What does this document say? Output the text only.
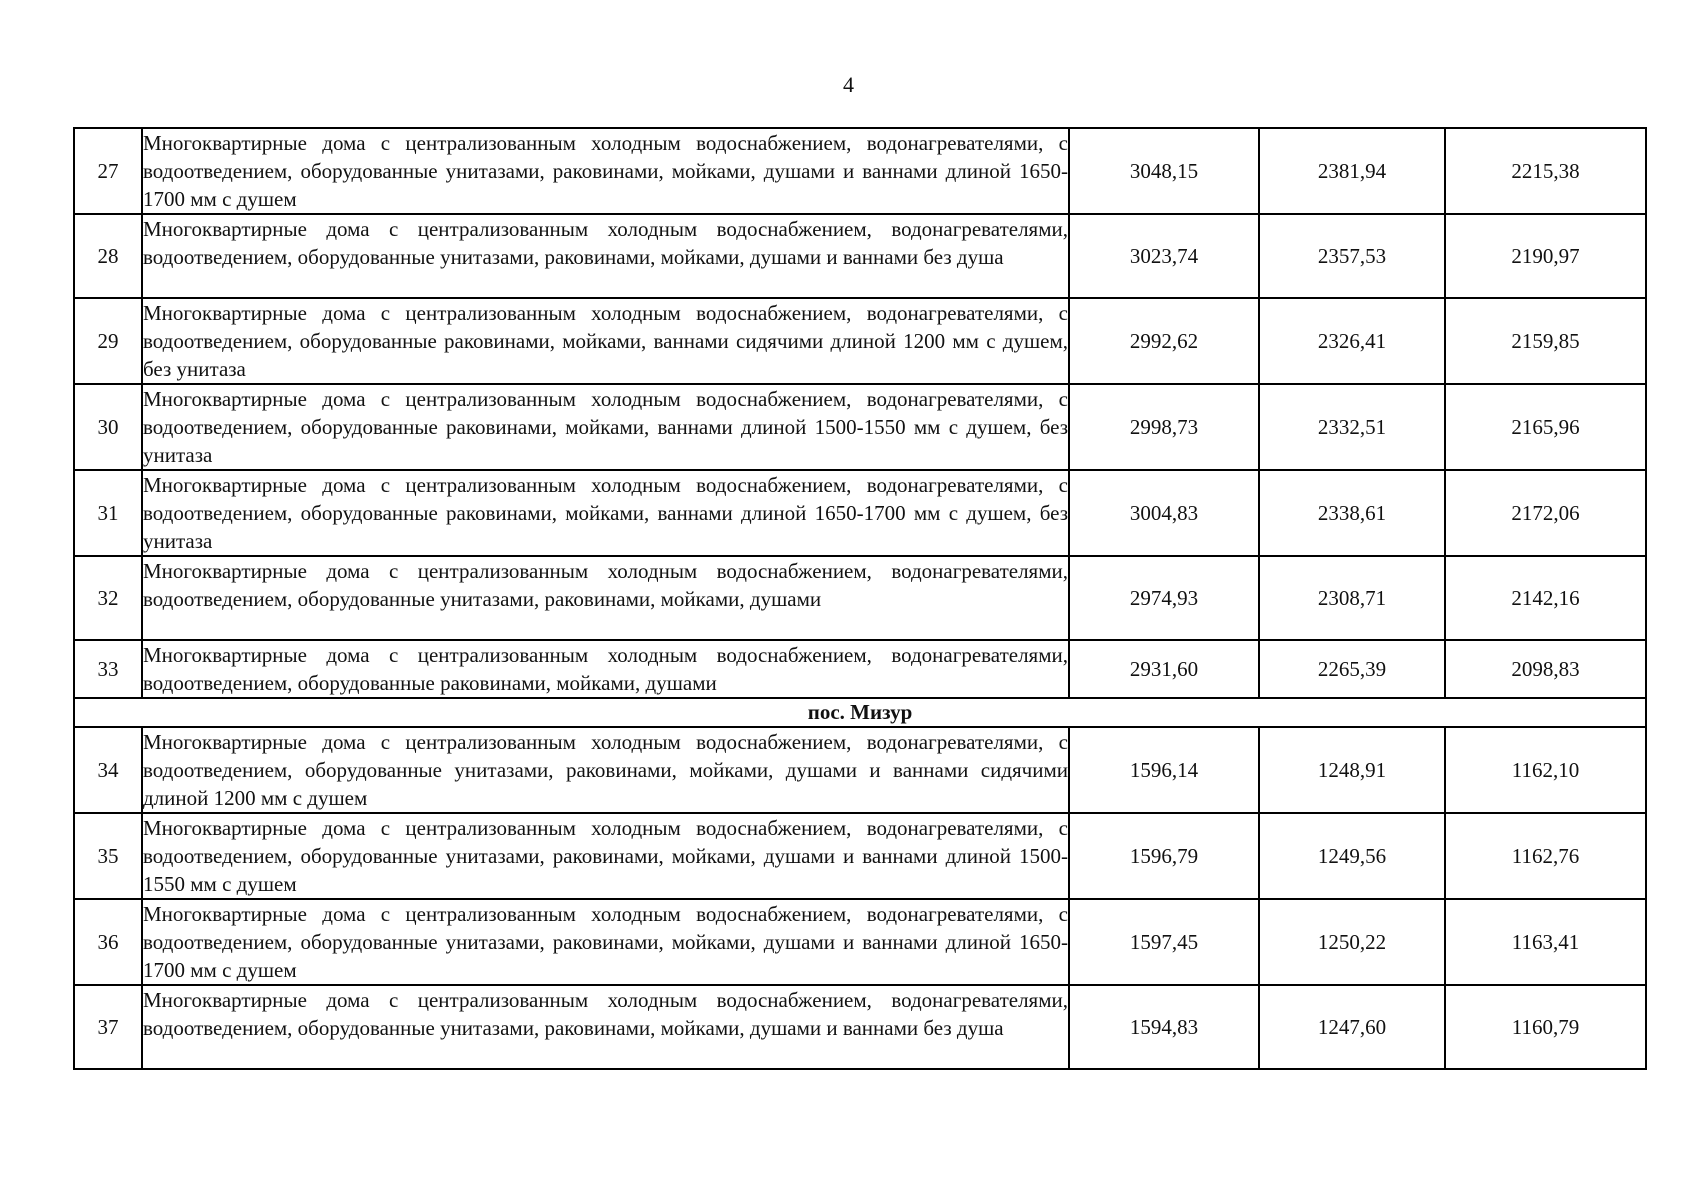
4
27	Многоквартирные дома с централизованным холодным водоснабжением, водонагревателями, с водоотведением, оборудованные унитазами, раковинами, мойками, душами и ваннами длиной 1650-1700 мм с душем	3048,15	2381,94	2215,38
28	Многоквартирные дома с централизованным холодным водоснабжением, водонагревателями, водоотведением, оборудованные унитазами, раковинами, мойками, душами и ваннами без душа	3023,74	2357,53	2190,97
29	Многоквартирные дома с централизованным холодным водоснабжением, водонагревателями, с водоотведением, оборудованные раковинами, мойками, ваннами сидячими длиной 1200 мм с душем, без унитаза	2992,62	2326,41	2159,85
30	Многоквартирные дома с централизованным холодным водоснабжением, водонагревателями, с водоотведением, оборудованные раковинами, мойками, ваннами длиной 1500-1550 мм с душем, без унитаза	2998,73	2332,51	2165,96
31	Многоквартирные дома с централизованным холодным водоснабжением, водонагревателями, с водоотведением, оборудованные раковинами, мойками, ваннами длиной 1650-1700 мм с душем, без унитаза	3004,83	2338,61	2172,06
32	Многоквартирные дома с централизованным холодным водоснабжением, водонагревателями, водоотведением, оборудованные унитазами, раковинами, мойками, душами	2974,93	2308,71	2142,16
33	Многоквартирные дома с централизованным холодным водоснабжением, водонагревателями, водоотведением, оборудованные раковинами, мойками, душами	2931,60	2265,39	2098,83
пос. Мизур				
34	Многоквартирные дома с централизованным холодным водоснабжением, водонагревателями, с водоотведением, оборудованные унитазами, раковинами, мойками, душами и ваннами сидячими длиной 1200 мм с душем	1596,14	1248,91	1162,10
35	Многоквартирные дома с централизованным холодным водоснабжением, водонагревателями, с водоотведением, оборудованные унитазами, раковинами, мойками, душами и ваннами длиной 1500-1550 мм с душем	1596,79	1249,56	1162,76
36	Многоквартирные дома с централизованным холодным водоснабжением, водонагревателями, с водоотведением, оборудованные унитазами, раковинами, мойками, душами и ваннами длиной 1650-1700 мм с душем	1597,45	1250,22	1163,41
37	Многоквартирные дома с централизованным холодным водоснабжением, водонагревателями, водоотведением, оборудованные унитазами, раковинами, мойками, душами и ваннами без душа	1594,83	1247,60	1160,79
